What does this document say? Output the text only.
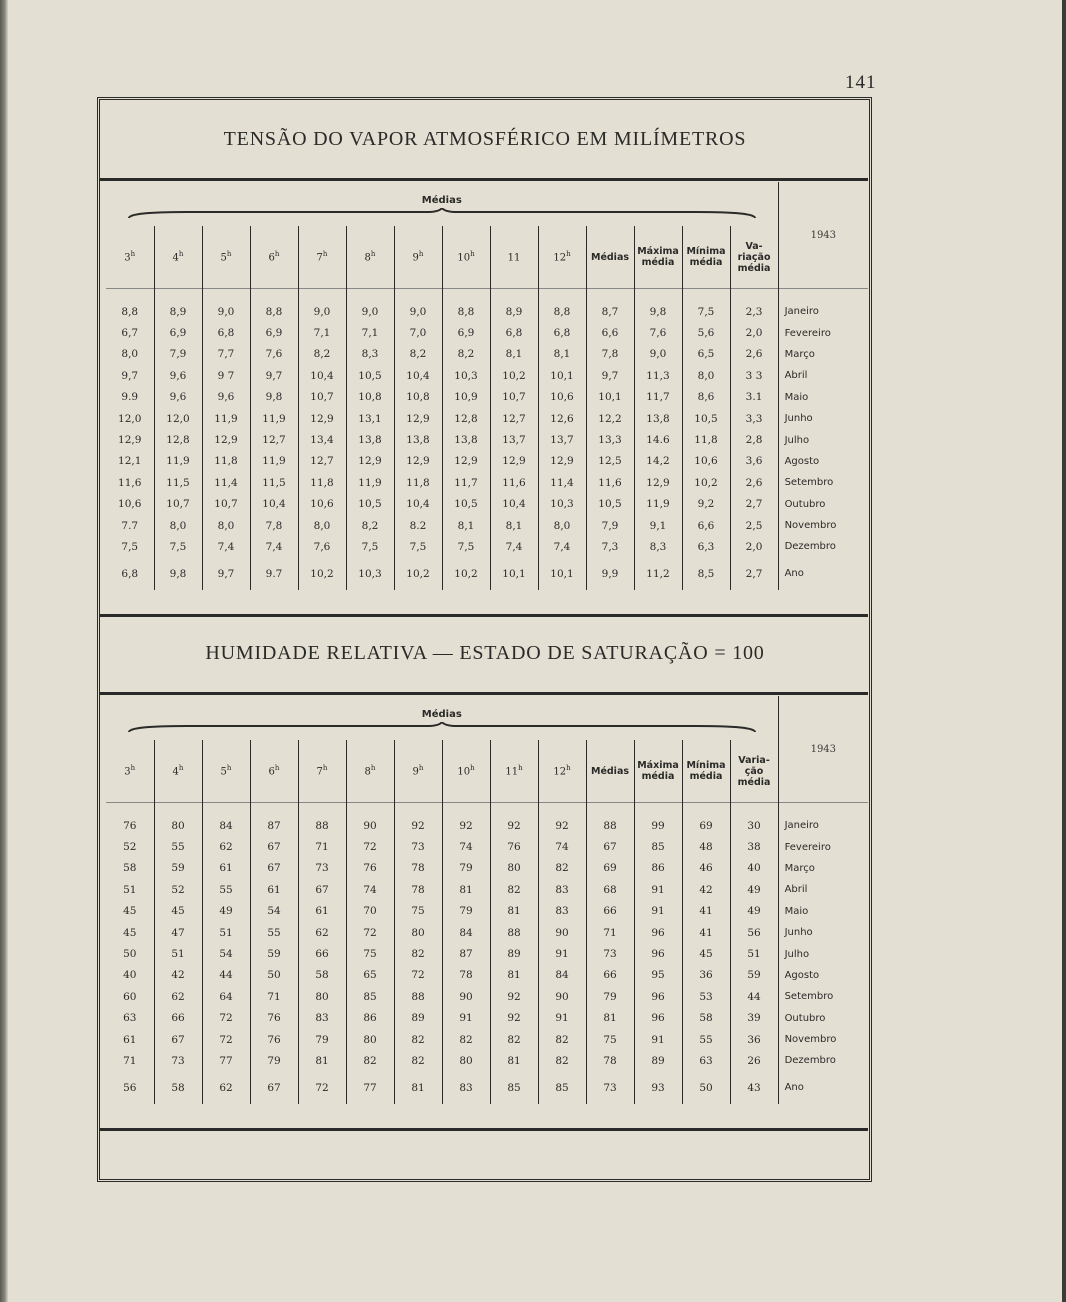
141
TENSÃO DO VAPOR ATMOSFÉRICO EM MILÍMETROS
Médias														1943
3$^h$	4$^h$	5$^h$	6$^h$	7$^h$	8$^h$	9$^h$	10$^h$	11	12$^h$	Médias	Máxima média	Mínima média	Va-riação média	

8,8	8,9	9,0	8,8	9,0	9,0	9,0	8,8	8,9	8,8	8,7	9,8	7,5	2,3	Janeiro
6,7	6,9	6,8	6,9	7,1	7,1	7,0	6,9	6,8	6,8	6,6	7,6	5,6	2,0	Fevereiro
8,0	7,9	7,7	7,6	8,2	8,3	8,2	8,2	8,1	8,1	7,8	9,0	6,5	2,6	Março
9,7	9,6	9 7	9,7	10,4	10,5	10,4	10,3	10,2	10,1	9,7	11,3	8,0	3 3	Abril
9.9	9,6	9,6	9,8	10,7	10,8	10,8	10,9	10,7	10,6	10,1	11,7	8,6	3.1	Maio
12,0	12,0	11,9	11,9	12,9	13,1	12,9	12,8	12,7	12,6	12,2	13,8	10,5	3,3	Junho
12,9	12,8	12,9	12,7	13,4	13,8	13,8	13,8	13,7	13,7	13,3	14.6	11,8	2,8	Julho
12,1	11,9	11,8	11,9	12,7	12,9	12,9	12,9	12,9	12,9	12,5	14,2	10,6	3,6	Agosto
11,6	11,5	11,4	11,5	11,8	11,9	11,8	11,7	11,6	11,4	11,6	12,9	10,2	2,6	Setembro
10,6	10,7	10,7	10,4	10,6	10,5	10,4	10,5	10,4	10,3	10,5	11,9	9,2	2,7	Outubro
7.7	8,0	8,0	7,8	8,0	8,2	8.2	8,1	8,1	8,0	7,9	9,1	6,6	2,5	Novembro
7,5	7,5	7,4	7,4	7,6	7,5	7,5	7,5	7,4	7,4	7,3	8,3	6,3	2,0	Dezembro
6,8	9,8	9,7	9.7	10,2	10,3	10,2	10,2	10,1	10,1	9,9	11,2	8,5	2,7	Ano
HUMIDADE RELATIVA — ESTADO DE SATURAÇÃO = 100
Médias														1943
3$^h$	4$^h$	5$^h$	6$^h$	7$^h$	8$^h$	9$^h$	10$^h$	11$^h$	12$^h$	Médias	Máxima média	Mínima média	Varia-ção média	

76	80	84	87	88	90	92	92	92	92	88	99	69	30	Janeiro
52	55	62	67	71	72	73	74	76	74	67	85	48	38	Fevereiro
58	59	61	67	73	76	78	79	80	82	69	86	46	40	Março
51	52	55	61	67	74	78	81	82	83	68	91	42	49	Abril
45	45	49	54	61	70	75	79	81	83	66	91	41	49	Maio
45	47	51	55	62	72	80	84	88	90	71	96	41	56	Junho
50	51	54	59	66	75	82	87	89	91	73	96	45	51	Julho
40	42	44	50	58	65	72	78	81	84	66	95	36	59	Agosto
60	62	64	71	80	85	88	90	92	90	79	96	53	44	Setembro
63	66	72	76	83	86	89	91	92	91	81	96	58	39	Outubro
61	67	72	76	79	80	82	82	82	82	75	91	55	36	Novembro
71	73	77	79	81	82	82	80	81	82	78	89	63	26	Dezembro
56	58	62	67	72	77	81	83	85	85	73	93	50	43	Ano
